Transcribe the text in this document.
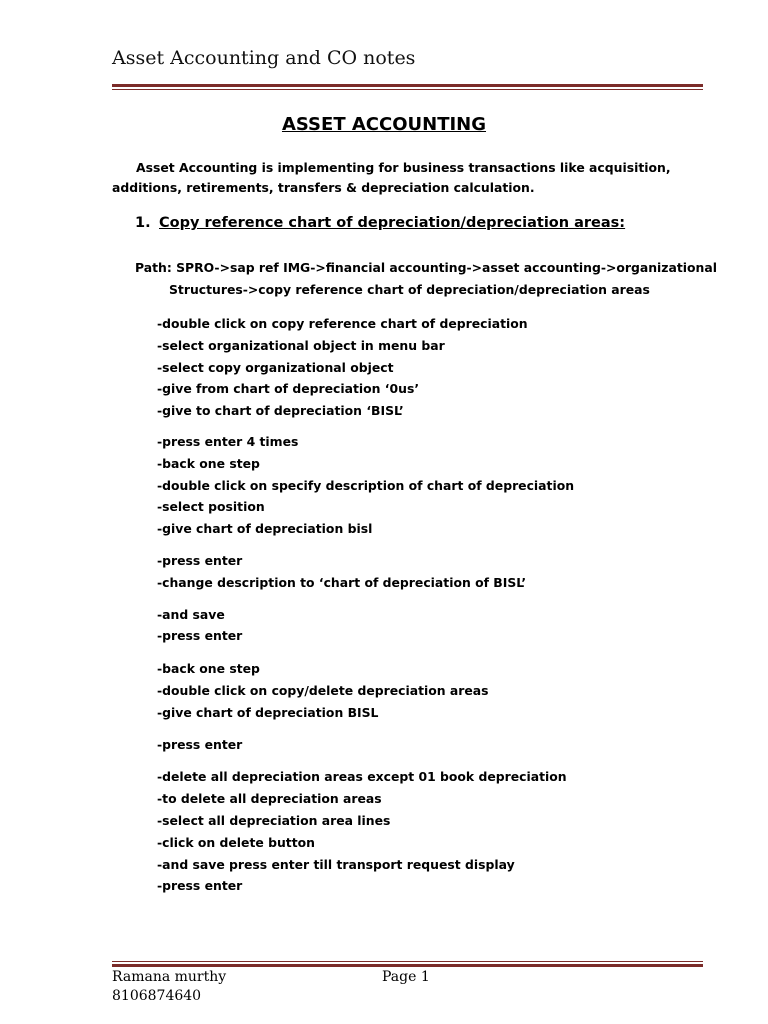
Asset Accounting and CO notes
ASSET ACCOUNTING
Asset Accounting is implementing for business transactions like acquisition, additions, retirements, transfers & depreciation calculation.
1. Copy reference chart of depreciation/depreciation areas:
Path: SPRO->sap ref IMG->financial accounting->asset accounting->organizational
Structures->copy reference chart of depreciation/depreciation areas
-double click on copy reference chart of depreciation
-select organizational object in menu bar
-select copy organizational object
-give from chart of depreciation ‘0us’
-give to chart of depreciation ‘BISL’
-press enter 4 times
-back one step
-double click on specify description of chart of depreciation
-select position
-give chart of depreciation bisl
-press enter
-change description to ‘chart of depreciation of BISL’
-and save
-press enter
-back one step
-double click on copy/delete depreciation areas
-give chart of depreciation BISL
-press enter
-delete all depreciation areas except 01 book depreciation
-to delete all depreciation areas
-select all depreciation area lines
-click on delete button
-and save press enter till transport request display
-press enter
Ramana murthy	Page 1
8106874640
